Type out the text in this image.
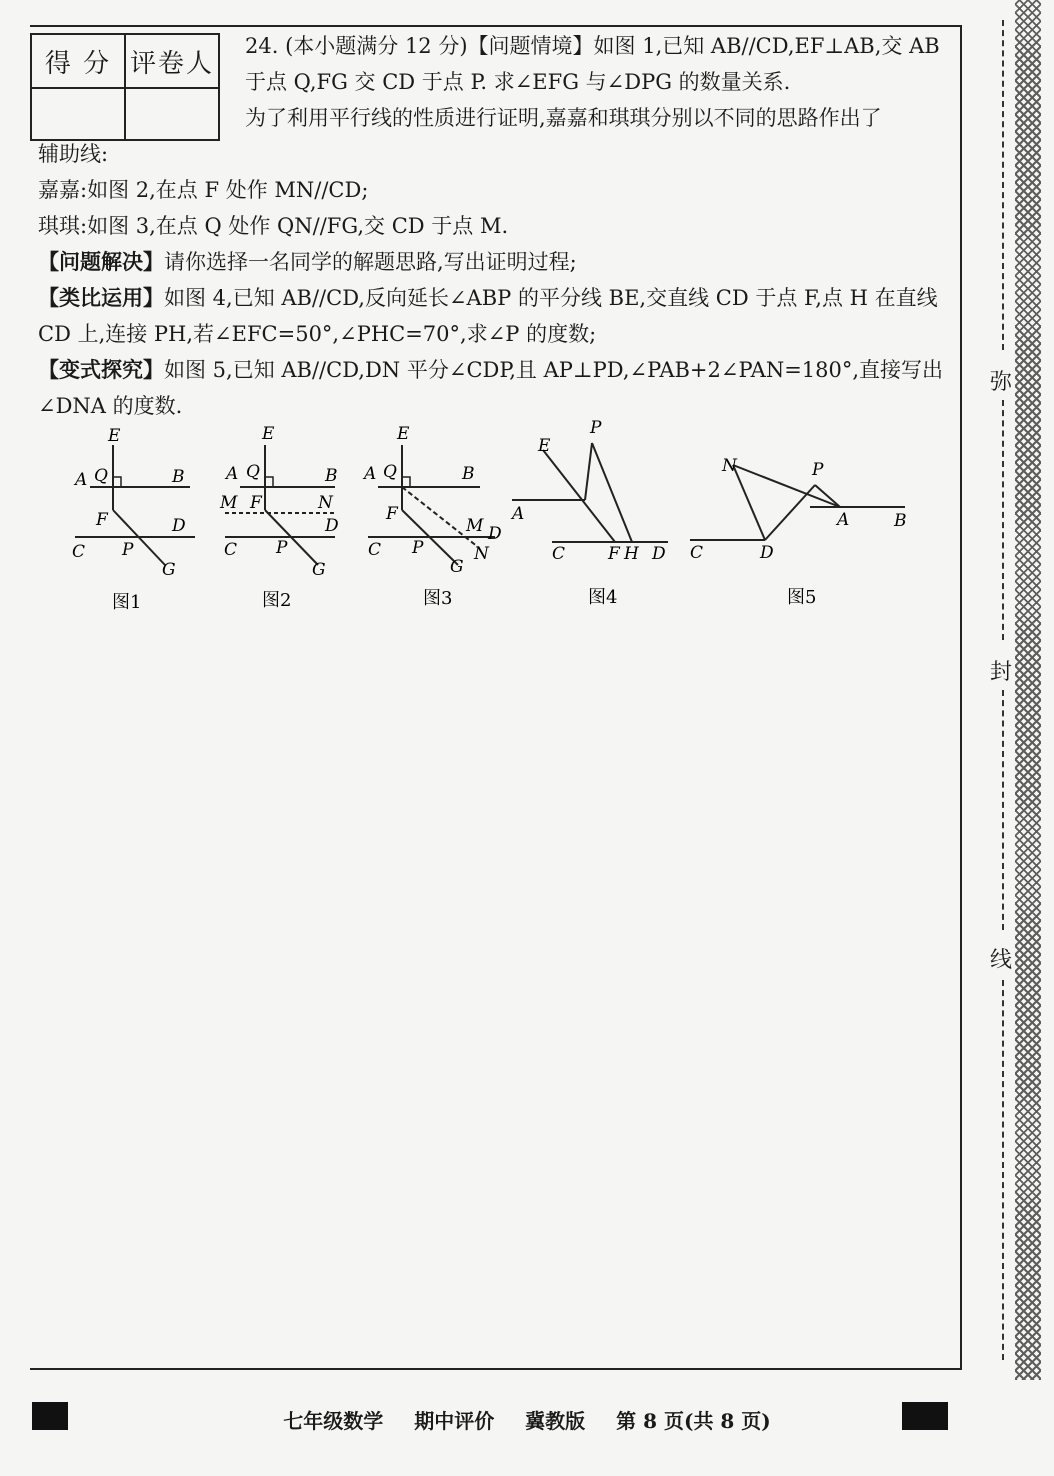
得 分	评卷人

24. (本小题满分 12 分)【问题情境】如图 1,已知 AB//CD,EF⊥AB,交 AB

于点 Q,FG 交 CD 于点 P. 求∠EFG 与∠DPG 的数量关系.

为了利用平行线的性质进行证明,嘉嘉和琪琪分别以不同的思路作出了

辅助线:

嘉嘉:如图 2,在点 F 处作 MN//CD;

琪琪:如图 3,在点 Q 处作 QN//FG,交 CD 于点 M.

【问题解决】请你选择一名同学的解题思路,写出证明过程;

【类比运用】如图 4,已知 AB//CD,反向延长∠ABP 的平分线 BE,交直线 CD 于点 F,点 H 在直线

CD 上,连接 PH,若∠EFC=50°,∠PHC=70°,求∠P 的度数;

【变式探究】如图 5,已知 AB//CD,DN 平分∠CDP,且 AP⊥PD,∠PAB+2∠PAN=180°,直接写出

∠DNA 的度数.

E
A Q	B
F	D
C P
G
图1
E
A Q	B
M F	N
D
C P
G
图2
E
A Q	B
F
M D
C P
G
N
图3
P
E
A
C	F H D
图4
N	P
A	B
C	D
图5
弥
封
线
七年级数学 期中评价 冀教版 第 8 页(共 8 页)
